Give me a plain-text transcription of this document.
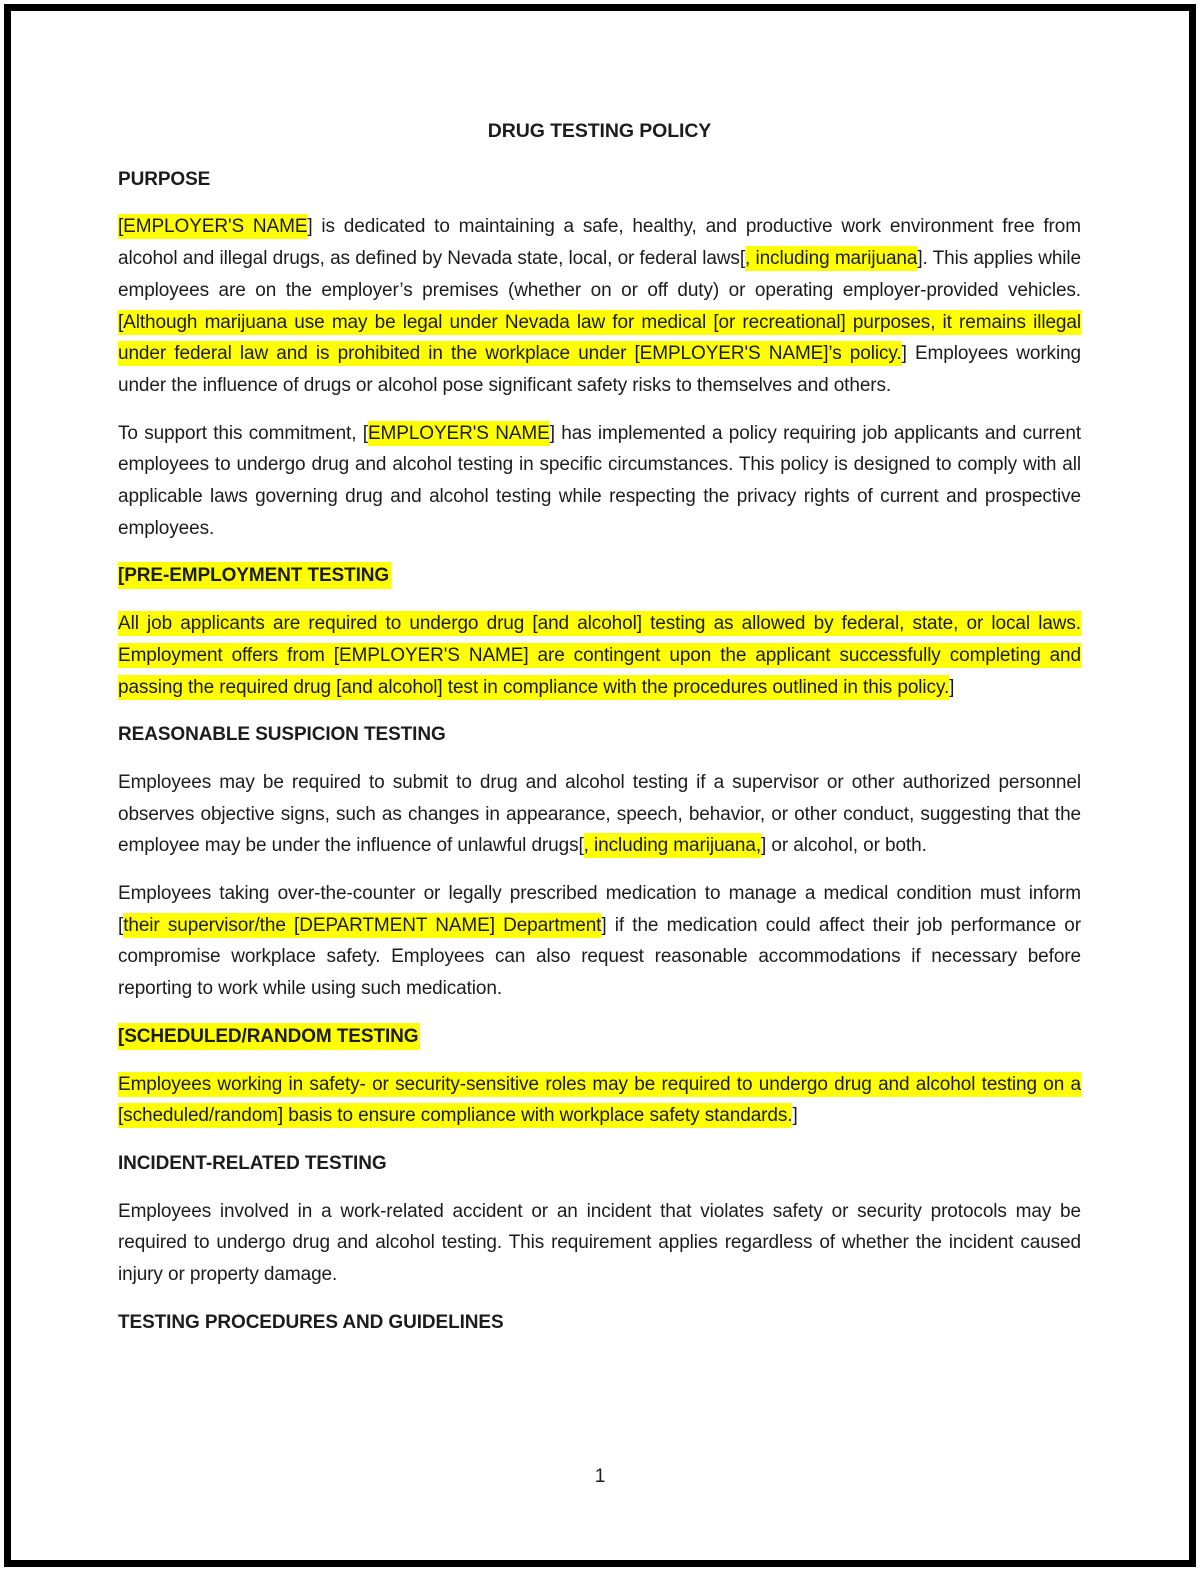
DRUG TESTING POLICY
PURPOSE

[EMPLOYER'S NAME] is dedicated to maintaining a safe, healthy, and productive work environment free from alcohol and illegal drugs, as defined by Nevada state, local, or federal laws[, including marijuana]. This applies while employees are on the employer’s premises (whether on or off duty) or operating employer-provided vehicles. [Although marijuana use may be legal under Nevada law for medical [or recreational] purposes, it remains illegal under federal law and is prohibited in the workplace under [EMPLOYER'S NAME]’s policy.] Employees working under the influence of drugs or alcohol pose significant safety risks to themselves and others.

To support this commitment, [EMPLOYER'S NAME] has implemented a policy requiring job applicants and current employees to undergo drug and alcohol testing in specific circumstances. This policy is designed to comply with all applicable laws governing drug and alcohol testing while respecting the privacy rights of current and prospective employees.

[PRE-EMPLOYMENT TESTING

All job applicants are required to undergo drug [and alcohol] testing as allowed by federal, state, or local laws. Employment offers from [EMPLOYER'S NAME] are contingent upon the applicant successfully completing and passing the required drug [and alcohol] test in compliance with the procedures outlined in this policy.]

REASONABLE SUSPICION TESTING

Employees may be required to submit to drug and alcohol testing if a supervisor or other authorized personnel observes objective signs, such as changes in appearance, speech, behavior, or other conduct, suggesting that the employee may be under the influence of unlawful drugs[, including marijuana,] or alcohol, or both.

Employees taking over-the-counter or legally prescribed medication to manage a medical condition must inform [their supervisor/the [DEPARTMENT NAME] Department] if the medication could affect their job performance or compromise workplace safety. Employees can also request reasonable accommodations if necessary before reporting to work while using such medication.

[SCHEDULED/RANDOM TESTING

Employees working in safety- or security-sensitive roles may be required to undergo drug and alcohol testing on a [scheduled/random] basis to ensure compliance with workplace safety standards.]

INCIDENT-RELATED TESTING

Employees involved in a work-related accident or an incident that violates safety or security protocols may be required to undergo drug and alcohol testing. This requirement applies regardless of whether the incident caused injury or property damage.

TESTING PROCEDURES AND GUIDELINES
1
